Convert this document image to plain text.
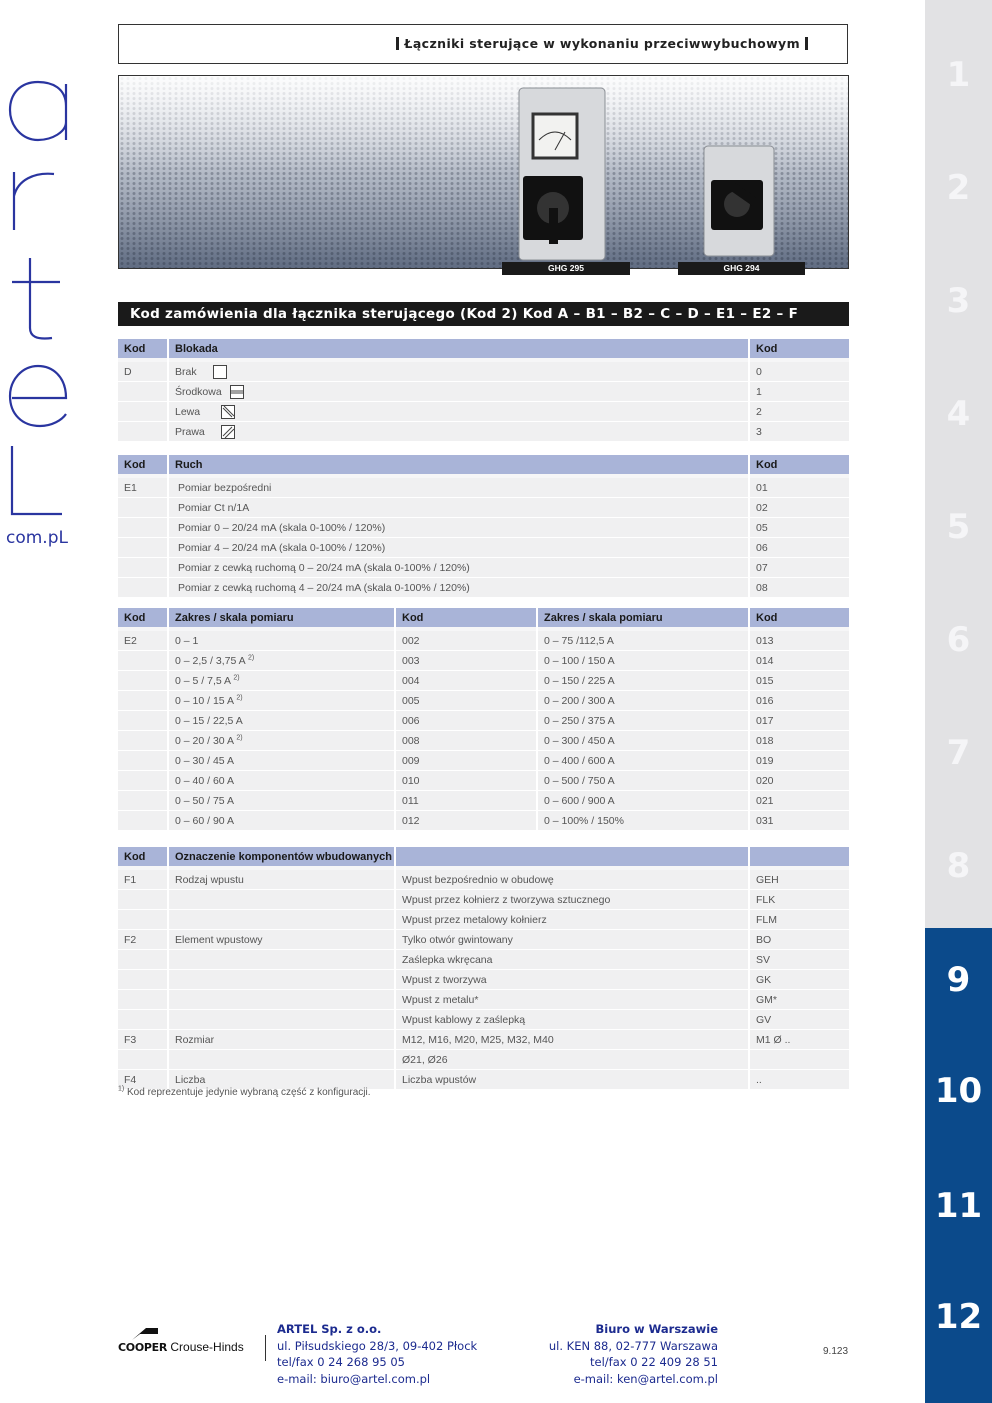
com.pL
Łączniki sterujące w wykonaniu przeciwwybuchowym
GHG 295	GHG 294
Kod zamówienia dla łącznika sterującego (Kod 2) Kod A – B1 – B2 – C – D – E1 – E2 – F
Kod	Blokada	Kod

D	Brak	0
	Środkowa	1
	Lewa	2
	Prawa	3
Kod	Ruch	Kod

E1	Pomiar bezpośredni	01
	Pomiar Ct n/1A	02
	Pomiar 0 – 20/24 mA (skala 0-100% / 120%)	05
	Pomiar 4 – 20/24 mA (skala 0-100% / 120%)	06
	Pomiar z cewką ruchomą 0 – 20/24 mA (skala 0-100% / 120%)	07
	Pomiar z cewką ruchomą 4 – 20/24 mA (skala 0-100% / 120%)	08
Kod	Zakres / skala pomiaru	Kod	Zakres / skala pomiaru	Kod

E2	0 – 1	002	0 – 75 /112,5 A	013
	0 – 2,5 / 3,75 A $^{2)}$	003	0 – 100 / 150 A	014
	0 – 5 / 7,5 A $^{2)}$	004	0 – 150 / 225 A	015
	0 – 10 / 15 A $^{2)}$	005	0 – 200 / 300 A	016
	0 – 15 / 22,5 A	006	0 – 250 / 375 A	017
	0 – 20 / 30 A $^{2)}$	008	0 – 300 / 450 A	018
	0 – 30 / 45 A	009	0 – 400 / 600 A	019
	0 – 40 / 60 A	010	0 – 500 / 750 A	020
	0 – 50 / 75 A	011	0 – 600 / 900 A	021
	0 – 60 / 90 A	012	0 – 100% / 150%	031
Kod	Oznaczenie komponentów wbudowanych		

F1	Rodzaj wpustu	Wpust bezpośrednio w obudowę	GEH
		Wpust przez kołnierz z tworzywa sztucznego	FLK
		Wpust przez metalowy kołnierz	FLM
F2	Element wpustowy	Tylko otwór gwintowany	BO
		Zaślepka wkręcana	SV
		Wpust z tworzywa	GK
		Wpust z metalu*	GM*
		Wpust kablowy z zaślepką	GV
F3	Rozmiar	M12, M16, M20, M25, M32, M40	M1 Ø ..
		Ø21, Ø26	
F4	Liczba	Liczba wpustów	..
$^{1)}$ Kod reprezentuje jedynie wybraną część z konfiguracji.
1
2
3
4
5
6
7
8
9
10
11
12
COOPER Crouse-Hinds
ARTEL Sp. z o.o.
ul. Piłsudskiego 28/3, 09-402 Płock
tel/fax 0 24 268 95 05
e-mail: biuro@artel.com.pl
Biuro w Warszawie
ul. KEN 88, 02-777 Warszawa
tel/fax 0 22 409 28 51
e-mail: ken@artel.com.pl
9.123
